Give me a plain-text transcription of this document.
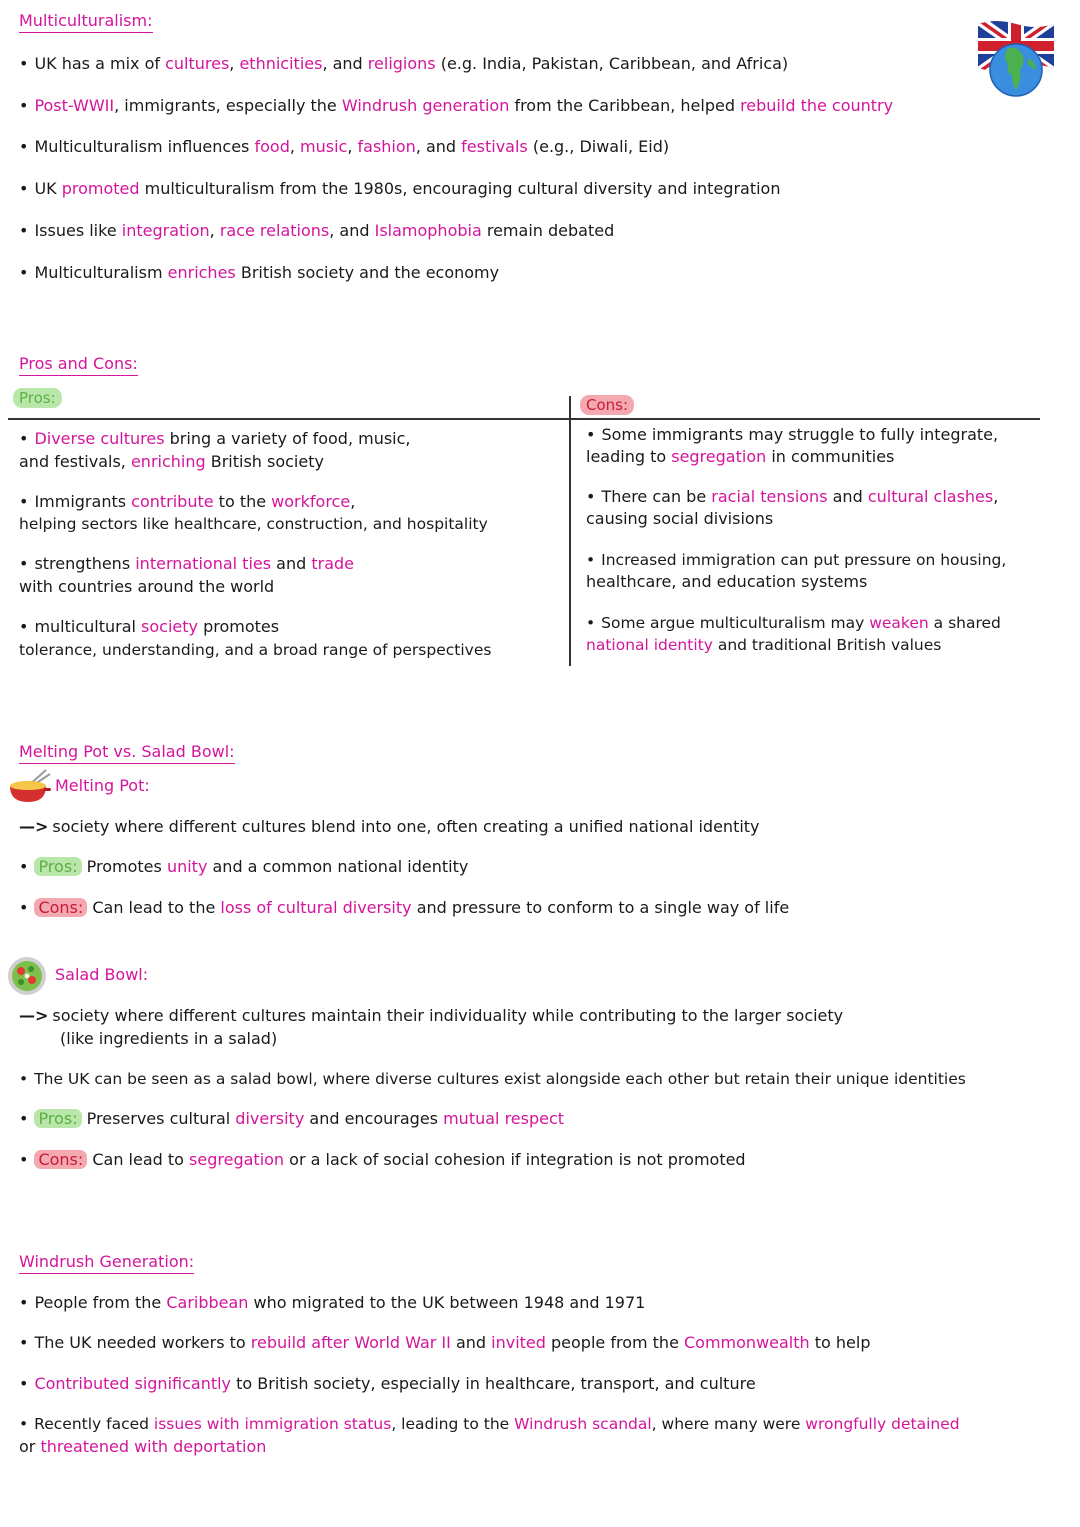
Multiculturalism:
• UK has a mix of cultures, ethnicities, and religions (e.g. India, Pakistan, Caribbean, and Africa)
• Post-WWII, immigrants, especially the Windrush generation from the Caribbean, helped rebuild the country
• Multiculturalism influences food, music, fashion, and festivals (e.g., Diwali, Eid)
• UK promoted multiculturalism from the 1980s, encouraging cultural diversity and integration
• Issues like integration, race relations, and Islamophobia remain debated
• Multiculturalism enriches British society and the economy
Pros and Cons:
Pros:	Cons:
• Diverse cultures bring a variety of food, music,
and festivals, enriching British society
• Immigrants contribute to the workforce,
helping sectors like healthcare, construction, and hospitality
• strengthens international ties and trade
with countries around the world
• multicultural society promotes
tolerance, understanding, and a broad range of perspectives
• Some immigrants may struggle to fully integrate,
leading to segregation in communities
• There can be racial tensions and cultural clashes,
causing social divisions
• Increased immigration can put pressure on housing,
healthcare, and education systems
• Some argue multiculturalism may weaken a shared
national identity and traditional British values
Melting Pot vs. Salad Bowl:
Melting Pot:
—> society where different cultures blend into one, often creating a unified national identity
• Pros: Promotes unity and a common national identity
• Cons: Can lead to the loss of cultural diversity and pressure to conform to a single way of life
Salad Bowl:
—> society where different cultures maintain their individuality while contributing to the larger society
(like ingredients in a salad)
• The UK can be seen as a salad bowl, where diverse cultures exist alongside each other but retain their unique identities
• Pros: Preserves cultural diversity and encourages mutual respect
• Cons: Can lead to segregation or a lack of social cohesion if integration is not promoted
Windrush Generation:
• People from the Caribbean who migrated to the UK between 1948 and 1971
• The UK needed workers to rebuild after World War II and invited people from the Commonwealth to help
• Contributed significantly to British society, especially in healthcare, transport, and culture
• Recently faced issues with immigration status, leading to the Windrush scandal, where many were wrongfully detained
or threatened with deportation
